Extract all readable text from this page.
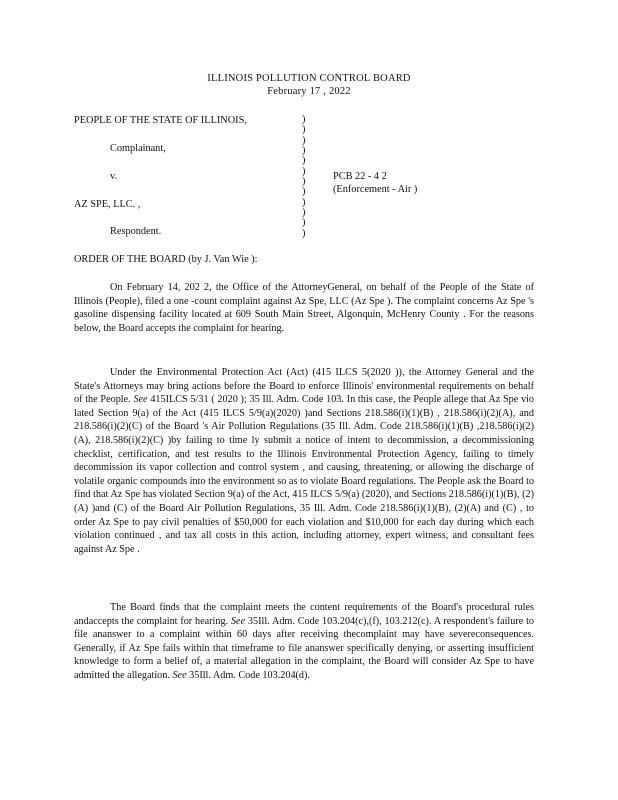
ILLINOIS POLLUTION CONTROL BOARD
February 17 , 2022
PEOPLE OF THE STATE OF ILLINOIS,
Complainant,
v.
AZ SPE, LLC. ,
Respondent.
)
)
)
)
)
)
)
)
)
)
)
)
PCB 22 - 4 2
(Enforcement - Air )
ORDER OF THE BOARD (by J. Van Wie ):

On February 14, 202 2, the Office of the AttorneyGeneral, on behalf of the People of the State of Illinois (People), filed a one -count complaint against Az Spe, LLC (Az Spe ). The complaint concerns Az Spe 's gasoline dispensing facility located at 609 South Main Street, Algonquin, McHenry County . For the reasons below, the Board accepts the complaint for hearing.

Under the Environmental Protection Act (Act) (415 ILCS 5(2020 )), the Attorney General and the State's Attorneys may bring actions before the Board to enforce Illinois' environmental requirements on behalf of the People. See 415ILCS 5/31 ( 2020 ); 35 Ill. Adm. Code 103. In this case, the People allege that Az Spe vio lated Section 9(a) of the Act (415 ILCS 5/9(a)(2020) )and Sections 218.586(i)(1)(B) , 218.586(i)(2)(A), and 218.586(i)(2)(C) of the Board 's Air Pollution Regulations (35 Ill. Adm. Code 218.586(i)(1)(B) ,218.586(i)(2)(A), 218.586(i)(2)(C) )by failing to time ly submit a notice of intent to decommission, a decommissioning checklist, certification, and test results to the Illinois Environmental Protection Agency, failing to timely decommission its vapor collection and control system , and causing, threatening, or allowing the discharge of volatile organic compounds into the environment so as to violate Board regulations. The People ask the Board to find that Az Spe has violated Section 9(a) of the Act, 415 ILCS 5/9(a) (2020), and Sections 218.586(i)(1)(B), (2)(A) )and (C) of the Board Air Pollution Regulations, 35 Ill. Adm. Code 218.586(i)(1)(B), (2)(A) and (C) , to order Az Spe to pay civil penalties of $50,000 for each violation and $10,000 for each day during which each violation continued , and tax all costs in this action, including attorney, expert witness, and consultant fees against Az Spe .

The Board finds that the complaint meets the content requirements of the Board's procedural rules andaccepts the complaint for hearing. See 35Ill. Adm. Code 103.204(c),(f), 103.212(c). A respondent's failure to file ananswer to a complaint within 60 days after receiving thecomplaint may have severeconsequences. Generally, if Az Spe fails within that timeframe to file ananswer specifically denying, or asserting insufficient knowledge to form a belief of, a material allegation in the complaint, the Board will consider Az Spe to have admitted the allegation. See 35Ill. Adm. Code 103.204(d).
